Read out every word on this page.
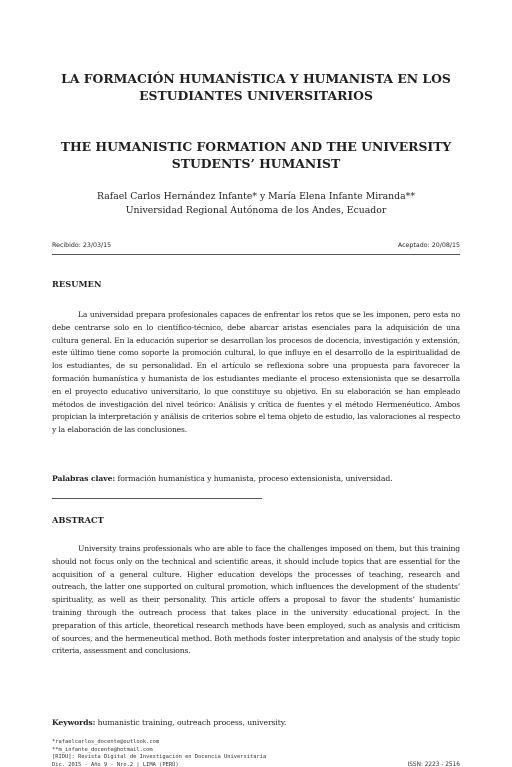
LA FORMACIÓN HUMANÍSTICA Y HUMANISTA EN LOS ESTUDIANTES UNIVERSITARIOS
THE HUMANISTIC FORMATION AND THE UNIVERSITY STUDENTS’ HUMANIST
Rafael Carlos Hernández Infante* y María Elena Infante Miranda**
Universidad Regional Autónoma de los Andes, Ecuador
Recibido: 23/03/15	Aceptado: 20/08/15
RESUMEN

La universidad prepara profesionales capaces de enfrentar los retos que se les imponen, pero esta no debe centrarse solo en lo científico-técnico, debe abarcar aristas esenciales para la adquisición de una cultura general. En la educación superior se desarrollan los procesos de docencia, investigación y extensión, este último tiene como soporte la promoción cultural, lo que influye en el desarrollo de la espiritualidad de los estudiantes, de su personalidad. En el artículo se reflexiona sobre una propuesta para favorecer la formación humanística y humanista de los estudiantes mediante el proceso extensionista que se desarrolla en el proyecto educativo universitario, lo que constituye su objetivo. En su elaboración se han empleado métodos de investigación del nivel teórico: Análisis y crítica de fuentes y el método Hermenéutico. Ambos propician la interpretación y análisis de criterios sobre el tema objeto de estudio, las valoraciones al respecto y la elaboración de las conclusiones.

Palabras clave: formación humanística y humanista, proceso extensionista, universidad.
ABSTRACT

University trains professionals who are able to face the challenges imposed on them, but this training should not focus only on the technical and scientific areas, it should include topics that are essential for the acquisition of a general culture. Higher education develops the processes of teaching, research and outreach, the latter one supported on cultural promotion, which influences the development of the students’ spirituality, as well as their personality. This article offers a proposal to favor the students’ humanistic training through the outreach process that takes place in the university educational project. In the preparation of this article, theoretical research methods have been employed, such as analysis and criticism of sources, and the hermeneutical method. Both methods foster interpretation and analysis of the study topic criteria, assessment and conclusions.

Keywords: humanistic training, outreach process, university.
*rafaelcarlos_docente@outlook.com
**m_infante_docente@hotmail.com
[RIDU]: Revista Digital de Investigación en Docencia Universitaria
Dic. 2015 - Año 9 - Nro.2 | LIMA (PERÚ)	ISSN: 2223 - 2516
